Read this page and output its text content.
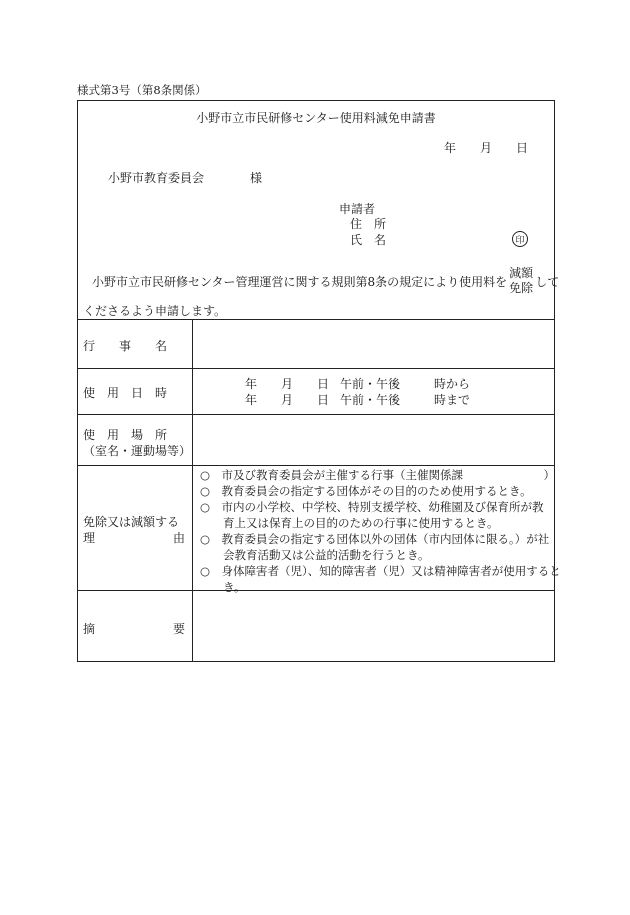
様式第3号（第8条関係）
小野市立市民研修センター使用料減免申請書
年 月 日
小野市教育委員会	様
申請者
住　所
氏　名	印
小野市立市民研修センター管理運営に関する規則第8条の規定により使用料を
減額
免除 して
くださるよう申請します。
行　　事　　名
使　用　日　時
年 月 日 午前・午後	時から
年 月 日 午前・午後	時まで
使　用　場　所
（室名・運動場等）
免除又は減額する
理	由
○　市及び教育委員会が主催する行事（主催関係課　　　　　　　）
○　教育委員会の指定する団体がその目的のため使用するとき。
○　市内の小学校、中学校、特別支援学校、幼稚園及び保育所が教
　　育上又は保育上の目的のための行事に使用するとき。
○　教育委員会の指定する団体以外の団体（市内団体に限る。）が社
　　会教育活動又は公益的活動を行うとき。
○　身体障害者（児）、知的障害者（児）又は精神障害者が使用すると
　　き。
摘	要
